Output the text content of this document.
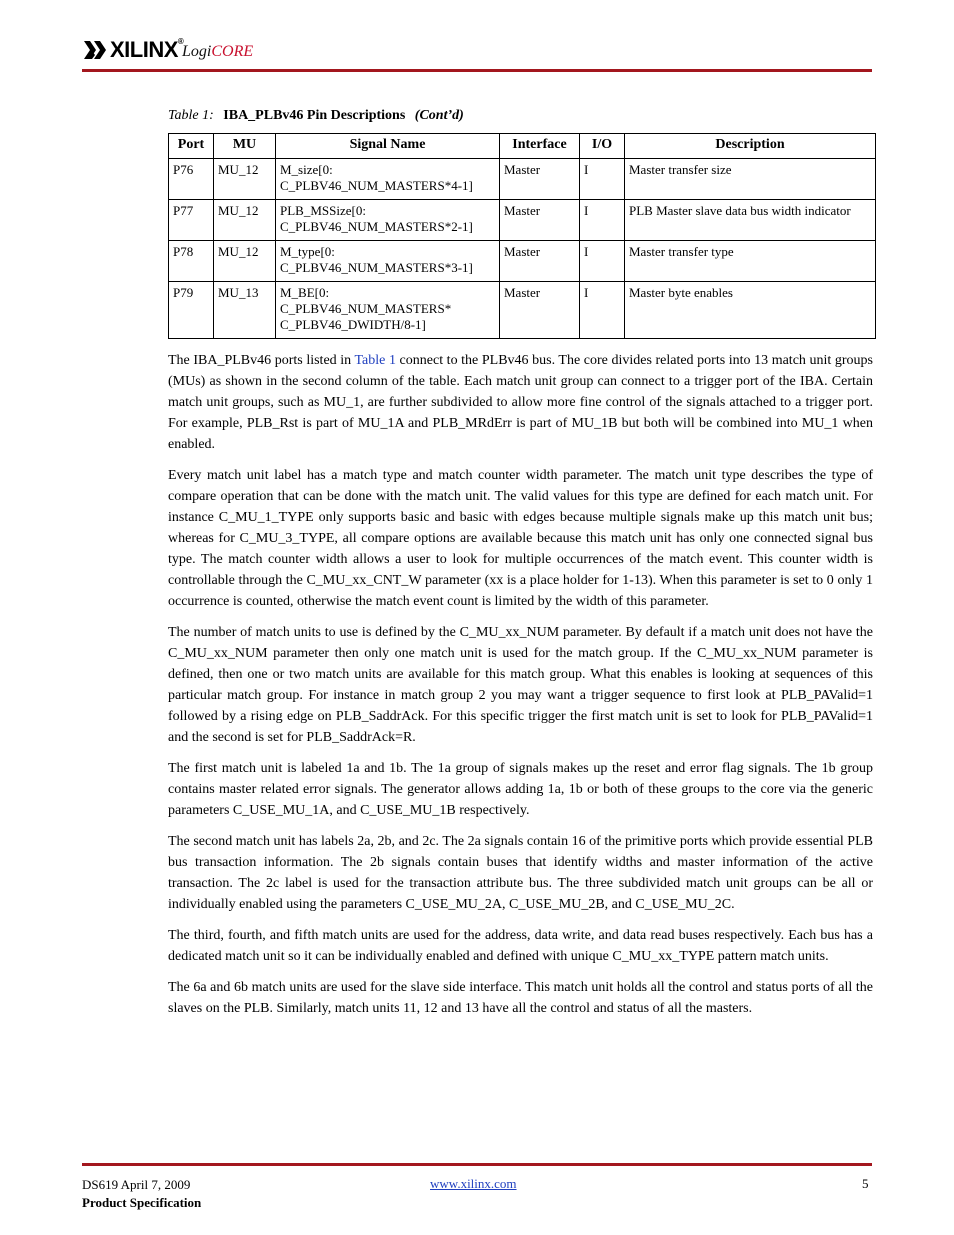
XILINX®
LogiCORE
Table 1: IBA_PLBv46 Pin Descriptions (Cont’d)
Port	MU	Signal Name	Interface	I/O	Description
P76	MU_12	M_size[0:
C_PLBV46_NUM_MASTERS*4-1]	Master	I	Master transfer size
P77	MU_12	PLB_MSSize[0:
C_PLBV46_NUM_MASTERS*2-1]	Master	I	PLB Master slave data bus width indicator
P78	MU_12	M_type[0:
C_PLBV46_NUM_MASTERS*3-1]	Master	I	Master transfer type
P79	MU_13	M_BE[0:
C_PLBV46_NUM_MASTERS*
C_PLBV46_DWIDTH/8-1]	Master	I	Master byte enables

The IBA_PLBv46 ports listed in Table 1 connect to the PLBv46 bus. The core divides related ports into 13 match unit groups (MUs) as shown in the second column of the table. Each match unit group can connect to a trigger port of the IBA. Certain match unit groups, such as MU_1, are further subdivided to allow more fine control of the signals attached to a trigger port. For example, PLB_Rst is part of MU_1A and PLB_MRdErr is part of MU_1B but both will be combined into MU_1 when enabled.

Every match unit label has a match type and match counter width parameter. The match unit type describes the type of compare operation that can be done with the match unit. The valid values for this type are defined for each match unit. For instance C_MU_1_TYPE only supports basic and basic with edges because multiple signals make up this match unit bus; whereas for C_MU_3_TYPE, all compare options are available because this match unit has only one connected signal bus type. The match counter width allows a user to look for multiple occurrences of the match event. This counter width is controllable through the C_MU_xx_CNT_W parameter (xx is a place holder for 1-13). When this parameter is set to 0 only 1 occurrence is counted, otherwise the match event count is limited by the width of this parameter.

The number of match units to use is defined by the C_MU_xx_NUM parameter. By default if a match unit does not have the C_MU_xx_NUM parameter then only one match unit is used for the match group. If the C_MU_xx_NUM parameter is defined, then one or two match units are available for this match group. What this enables is looking at sequences of this particular match group. For instance in match group 2 you may want a trigger sequence to first look at PLB_PAValid=1 followed by a rising edge on PLB_SaddrAck. For this specific trigger the first match unit is set to look for PLB_PAValid=1 and the second is set for PLB_SaddrAck=R.

The first match unit is labeled 1a and 1b. The 1a group of signals makes up the reset and error flag signals. The 1b group contains master related error signals. The generator allows adding 1a, 1b or both of these groups to the core via the generic parameters C_USE_MU_1A, and C_USE_MU_1B respectively.

The second match unit has labels 2a, 2b, and 2c. The 2a signals contain 16 of the primitive ports which provide essential PLB bus transaction information. The 2b signals contain buses that identify widths and master information of the active transaction. The 2c label is used for the transaction attribute bus. The three subdivided match unit groups can be all or individually enabled using the parameters C_USE_MU_2A, C_USE_MU_2B, and C_USE_MU_2C.

The third, fourth, and fifth match units are used for the address, data write, and data read buses respectively. Each bus has a dedicated match unit so it can be individually enabled and defined with unique C_MU_xx_TYPE pattern match units.

The 6a and 6b match units are used for the slave side interface. This match unit holds all the control and status ports of all the slaves on the PLB. Similarly, match units 11, 12 and 13 have all the control and status of all the masters.

DS619 April 7, 2009
Product Specification
www.xilinx.com	5
